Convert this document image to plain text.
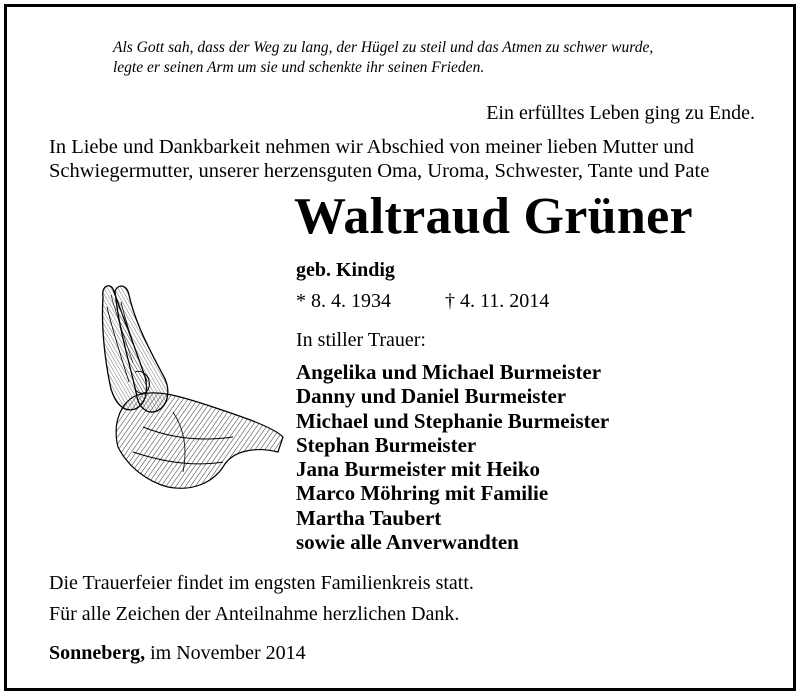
Als Gott sah, dass der Weg zu lang, der Hügel zu steil und das Atmen zu schwer wurde,
legte er seinen Arm um sie und schenkte ihr seinen Frieden.
Ein erfülltes Leben ging zu Ende.
In Liebe und Dankbarkeit nehmen wir Abschied von meiner lieben Mutter und
Schwiegermutter, unserer herzensguten Oma, Uroma, Schwester, Tante und Pate
Waltraud Grüner
geb. Kindig
* 8. 4. 1934	† 4. 11. 2014
In stiller Trauer:
Angelika und Michael Burmeister
Danny und Daniel Burmeister
Michael und Stephanie Burmeister
Stephan Burmeister
Jana Burmeister mit Heiko
Marco Möhring mit Familie
Martha Taubert
sowie alle Anverwandten
Die Trauerfeier findet im engsten Familienkreis statt.
Für alle Zeichen der Anteilnahme herzlichen Dank.
Sonneberg, im November 2014
